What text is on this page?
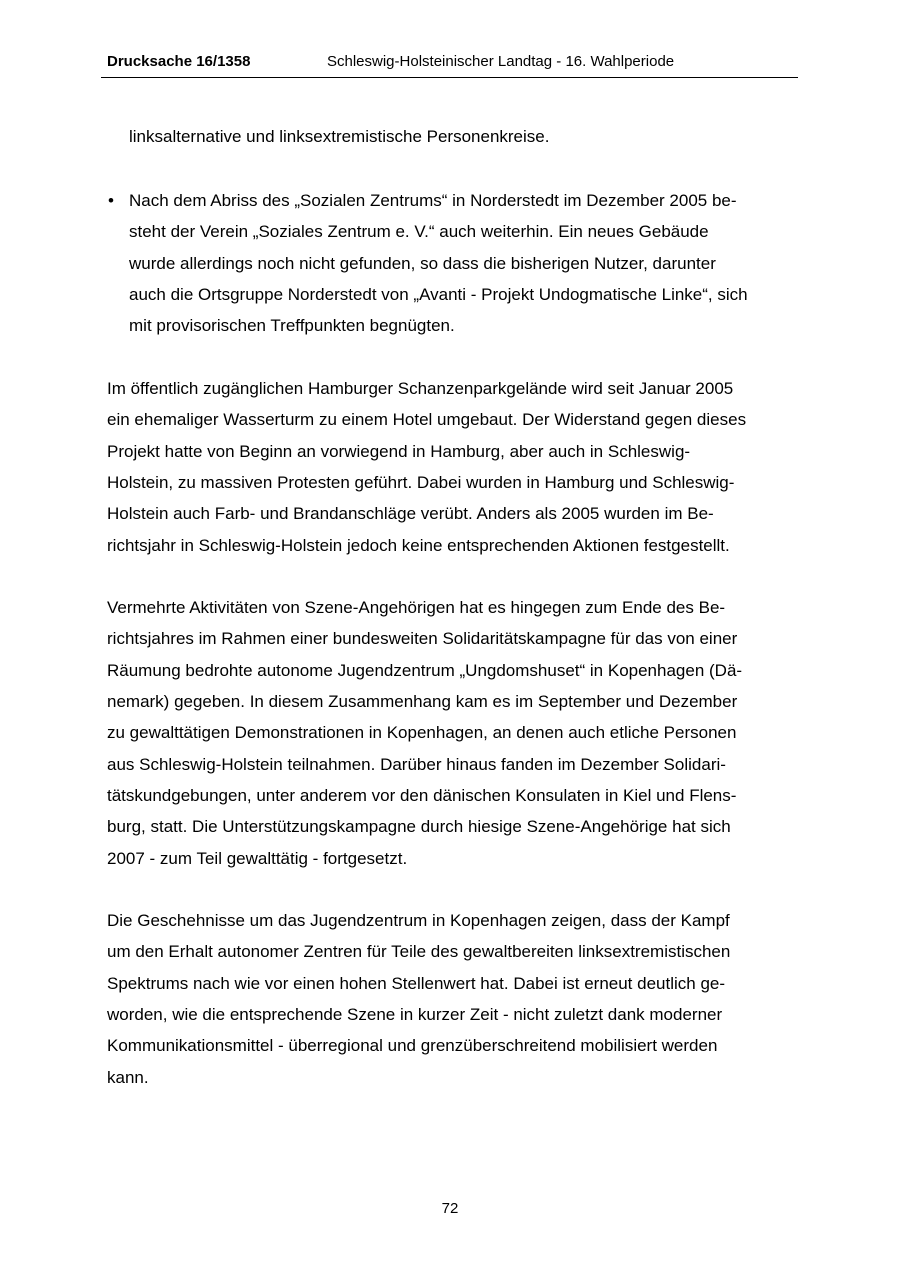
Drucksache 16/1358	Schleswig-Holsteinischer Landtag - 16. Wahlperiode
linksalternative und linksextremistische Personenkreise.
• Nach dem Abriss des „Sozialen Zentrums“ in Norderstedt im Dezember 2005 be-
steht der Verein „Soziales Zentrum e. V.“ auch weiterhin. Ein neues Gebäude
wurde allerdings noch nicht gefunden, so dass die bisherigen Nutzer, darunter
auch die Ortsgruppe Norderstedt von „Avanti - Projekt Undogmatische Linke“, sich
mit provisorischen Treffpunkten begnügten.
Im öffentlich zugänglichen Hamburger Schanzenparkgelände wird seit Januar 2005
ein ehemaliger Wasserturm zu einem Hotel umgebaut. Der Widerstand gegen dieses
Projekt hatte von Beginn an vorwiegend in Hamburg, aber auch in Schleswig-
Holstein, zu massiven Protesten geführt. Dabei wurden in Hamburg und Schleswig-
Holstein auch Farb- und Brandanschläge verübt. Anders als 2005 wurden im Be-
richtsjahr in Schleswig-Holstein jedoch keine entsprechenden Aktionen festgestellt.
Vermehrte Aktivitäten von Szene-Angehörigen hat es hingegen zum Ende des Be-
richtsjahres im Rahmen einer bundesweiten Solidaritätskampagne für das von einer
Räumung bedrohte autonome Jugendzentrum „Ungdomshuset“ in Kopenhagen (Dä-
nemark) gegeben. In diesem Zusammenhang kam es im September und Dezember
zu gewalttätigen Demonstrationen in Kopenhagen, an denen auch etliche Personen
aus Schleswig-Holstein teilnahmen. Darüber hinaus fanden im Dezember Solidari-
tätskundgebungen, unter anderem vor den dänischen Konsulaten in Kiel und Flens-
burg, statt. Die Unterstützungskampagne durch hiesige Szene-Angehörige hat sich
2007 - zum Teil gewalttätig - fortgesetzt.
Die Geschehnisse um das Jugendzentrum in Kopenhagen zeigen, dass der Kampf
um den Erhalt autonomer Zentren für Teile des gewaltbereiten linksextremistischen
Spektrums nach wie vor einen hohen Stellenwert hat. Dabei ist erneut deutlich ge-
worden, wie die entsprechende Szene in kurzer Zeit - nicht zuletzt dank moderner
Kommunikationsmittel - überregional und grenzüberschreitend mobilisiert werden
kann.
72
